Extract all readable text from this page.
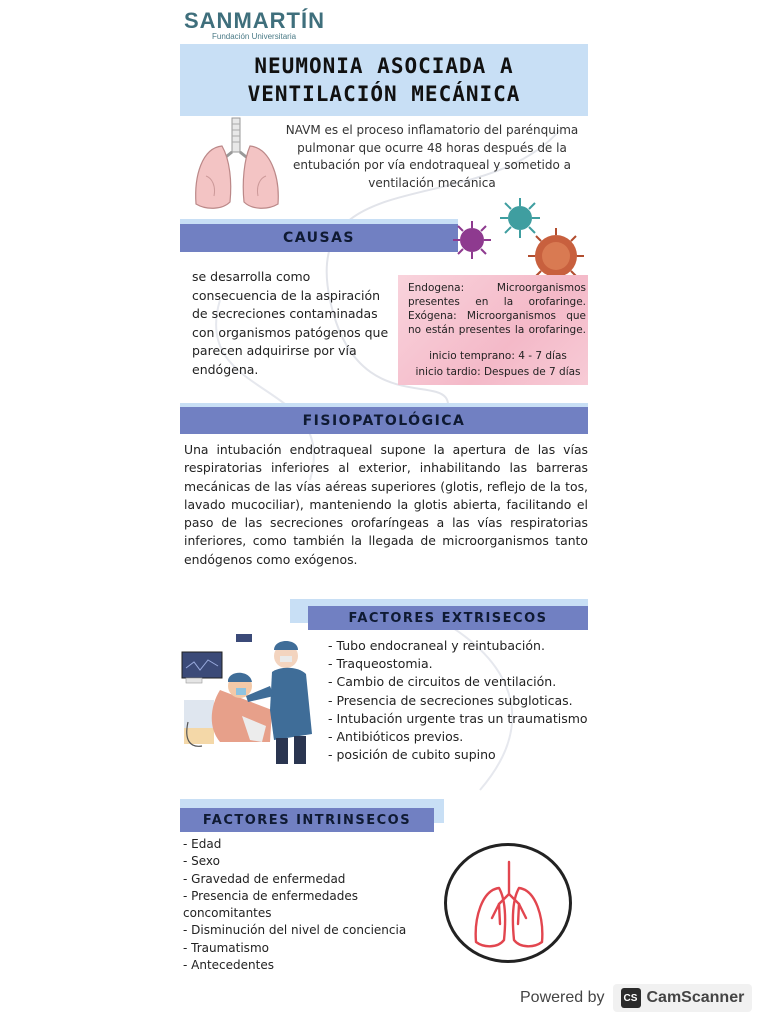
SANMARTÍN
Fundación Universitaria
NEUMONIA ASOCIADA A
VENTILACIÓN MECÁNICA
NAVM es el proceso inflamatorio del parénquima pulmonar que ocurre 48 horas después de la entubación por vía endotraqueal y sometido a ventilación mecánica
CAUSAS
se desarrolla como consecuencia de la aspiración de secreciones contaminadas con organismos patógenos que parecen adquirirse por vía endógena.
Endogena: Microorganismos presentes en la orofaringe.
Exógena: Microorganismos que no están presentes la orofaringe.
inicio temprano: 4 - 7 días
inicio tardio: Despues de 7 días
FISIOPATOLÓGICA
Una intubación endotraqueal supone la apertura de las vías respiratorias inferiores al exterior, inhabilitando las barreras mecánicas de las vías aéreas superiores (glotis, reflejo de la tos, lavado mucociliar), manteniendo la glotis abierta, facilitando el paso de las secreciones orofaríngeas a las vías respiratorias inferiores, como también la llegada de microorganismos tanto endógenos como exógenos.
FACTORES EXTRISECOS
- Tubo endocraneal y reintubación.
- Traqueostomia.
- Cambio de circuitos de ventilación.
- Presencia de secreciones subgloticas.
- Intubación urgente tras un traumatismo
- Antibióticos previos.
- posición de cubito supino
FACTORES INTRINSECOS
- Edad
- Sexo
- Gravedad de enfermedad
- Presencia de enfermedades concomitantes
- Disminución del nivel de conciencia
- Traumatismo
- Antecedentes
Powered by	CS CamScanner
